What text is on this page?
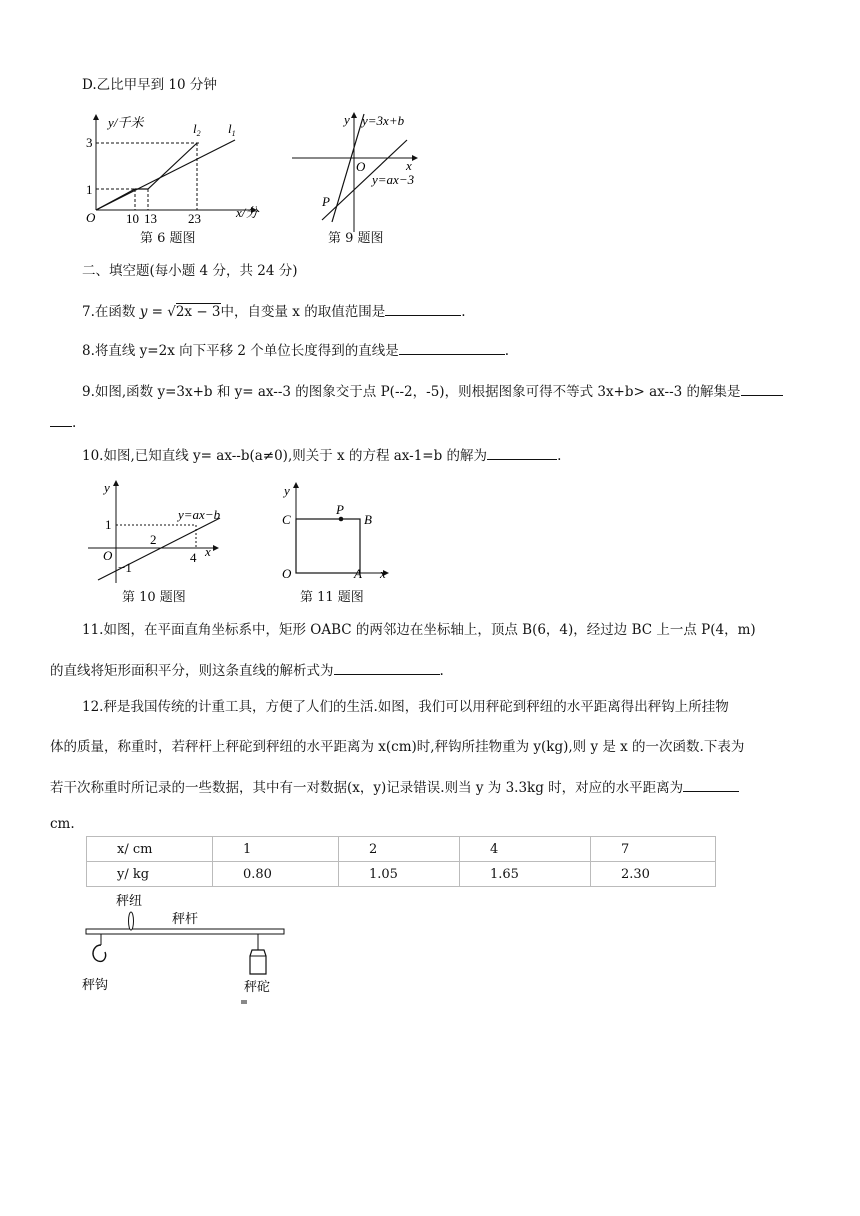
D.乙比甲早到 10 分钟
y/千米
x/分
O
3
1
10 13 23
$l_2$ $l_1$
第 6 题图
y y=3x+b
x
O
y=ax−3
P
第 9 题图
二、填空题(每小题 4 分，共 24 分)
7.在函数 y = √2x − 3中，自变量 x 的取值范围是	.
8.将直线 y=2x 向下平移 2 个单位长度得到的直线是	.
9.如图,函数 y=3x+b 和 y= ax--3 的图象交于点 P(--2，-5)，则根据图象可得不等式 3x+b> ax--3 的解集是
.
10.如图,已知直线 y= ax--b(a≠0),则关于 x 的方程 ax-1=b 的解为	.
y
y=ax−b
1
2
x
O	4
−1
第 10 题图
y
C
P
B
O	A x
第 11 题图
11.如图，在平面直角坐标系中，矩形 OABC 的两邻边在坐标轴上，顶点 B(6，4)，经过边 BC 上一点 P(4，m)
的直线将矩形面积平分，则这条直线的解析式为	.
12.秤是我国传统的计重工具，方便了人们的生活.如图，我们可以用秤砣到秤纽的水平距离得出秤钩上所挂物
体的质量，称重时，若秤杆上秤砣到秤纽的水平距离为 x(cm)时,秤钩所挂物重为 y(kg),则 y 是 x 的一次函数.下表为
若干次称重时所记录的一些数据，其中有一对数据(x，y)记录错误.则当 y 为 3.3kg 时，对应的水平距离为
cm.
x/ cm	1	2	4	7
y/ kg	0.80	1.05	1.65	2.30
秤纽
秤杆
秤钩	秤砣
